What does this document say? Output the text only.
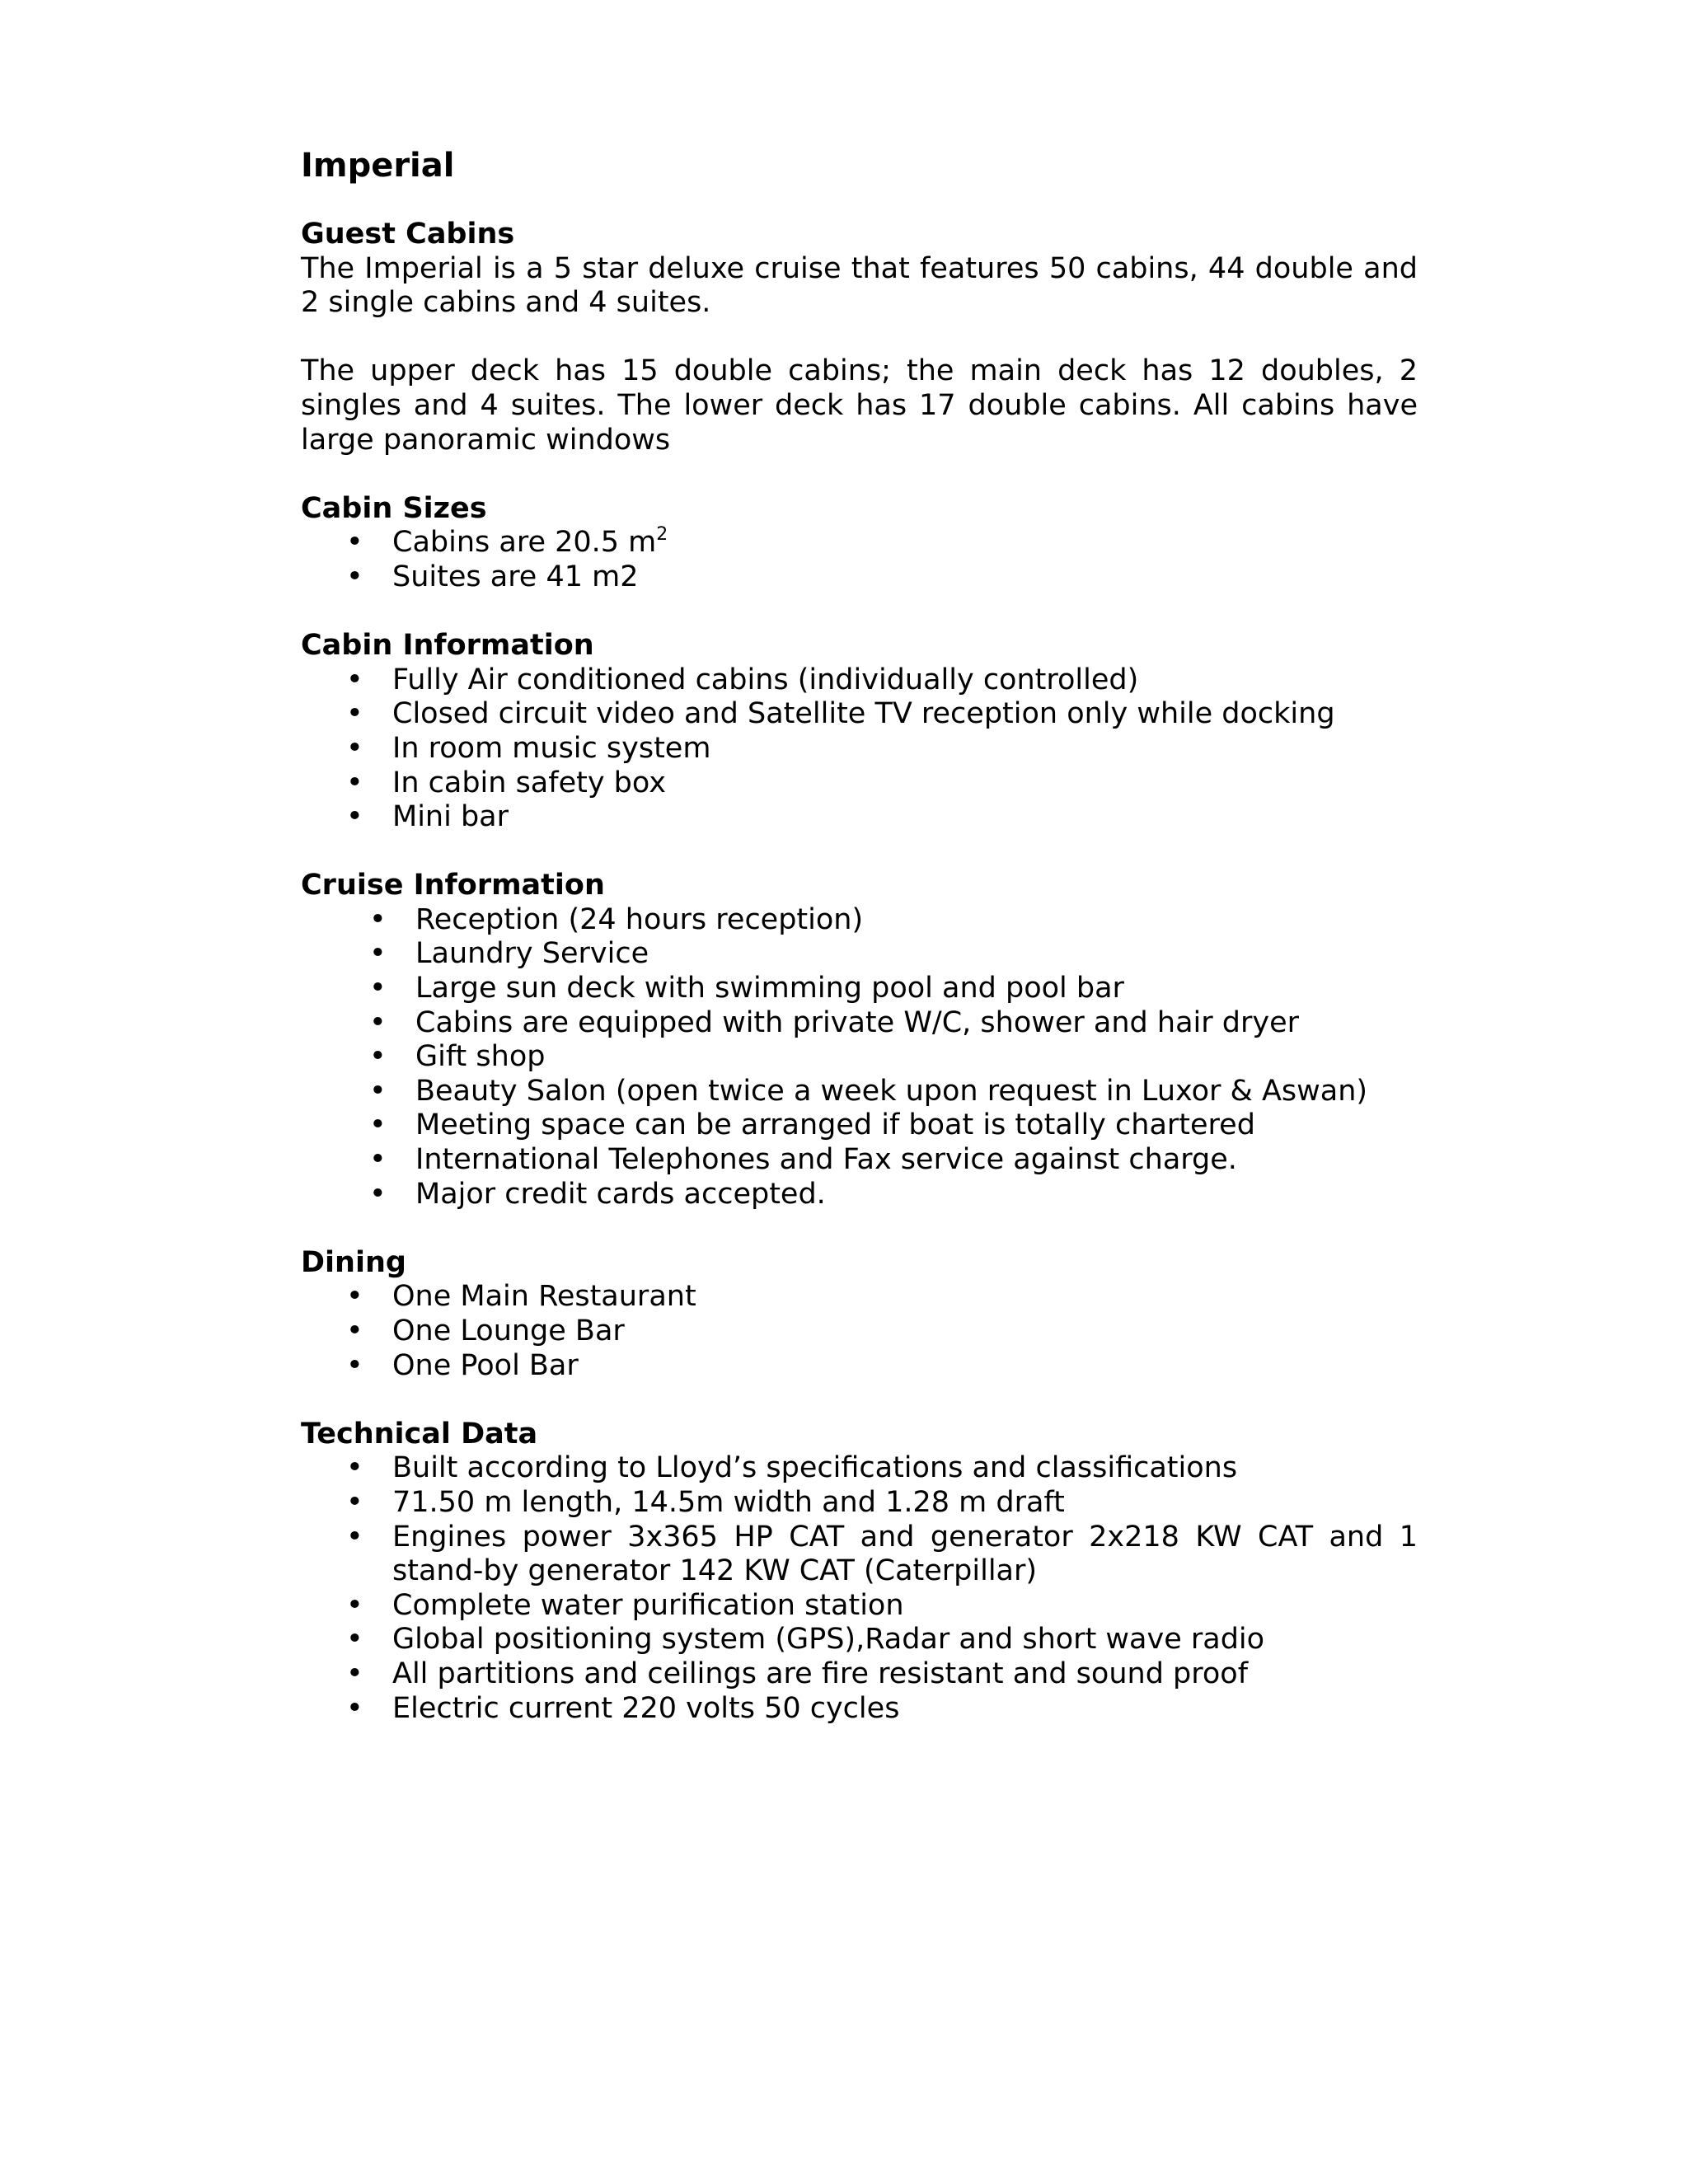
Imperial
Guest Cabins

The Imperial is a 5 star deluxe cruise that features 50 cabins, 44 double and 2 single cabins and 4 suites.

The upper deck has 15 double cabins; the main deck has 12 doubles, 2 singles and 4 suites. The lower deck has 17 double cabins. All cabins have large panoramic windows

Cabin Sizes
• Cabins are 20.5 $m^2$
• Suites are 41 m2
Cabin Information
• Fully Air conditioned cabins (individually controlled)
• Closed circuit video and Satellite TV reception only while docking
• In room music system
• In cabin safety box
• Mini bar
Cruise Information
• Reception (24 hours reception)
• Laundry Service
• Large sun deck with swimming pool and pool bar
• Cabins are equipped with private W/C, shower and hair dryer
• Gift shop
• Beauty Salon (open twice a week upon request in Luxor & Aswan)
• Meeting space can be arranged if boat is totally chartered
• International Telephones and Fax service against charge.
• Major credit cards accepted.
Dining
• One Main Restaurant
• One Lounge Bar
• One Pool Bar
Technical Data
• Built according to Lloyd’s specifications and classifications
• 71.50 m length, 14.5m width and 1.28 m draft
• Engines power 3x365 HP CAT and generator 2x218 KW CAT and 1 stand-by generator 142 KW CAT (Caterpillar)
• Complete water purification station
• Global positioning system (GPS),Radar and short wave radio
• All partitions and ceilings are fire resistant and sound proof
• Electric current 220 volts 50 cycles
